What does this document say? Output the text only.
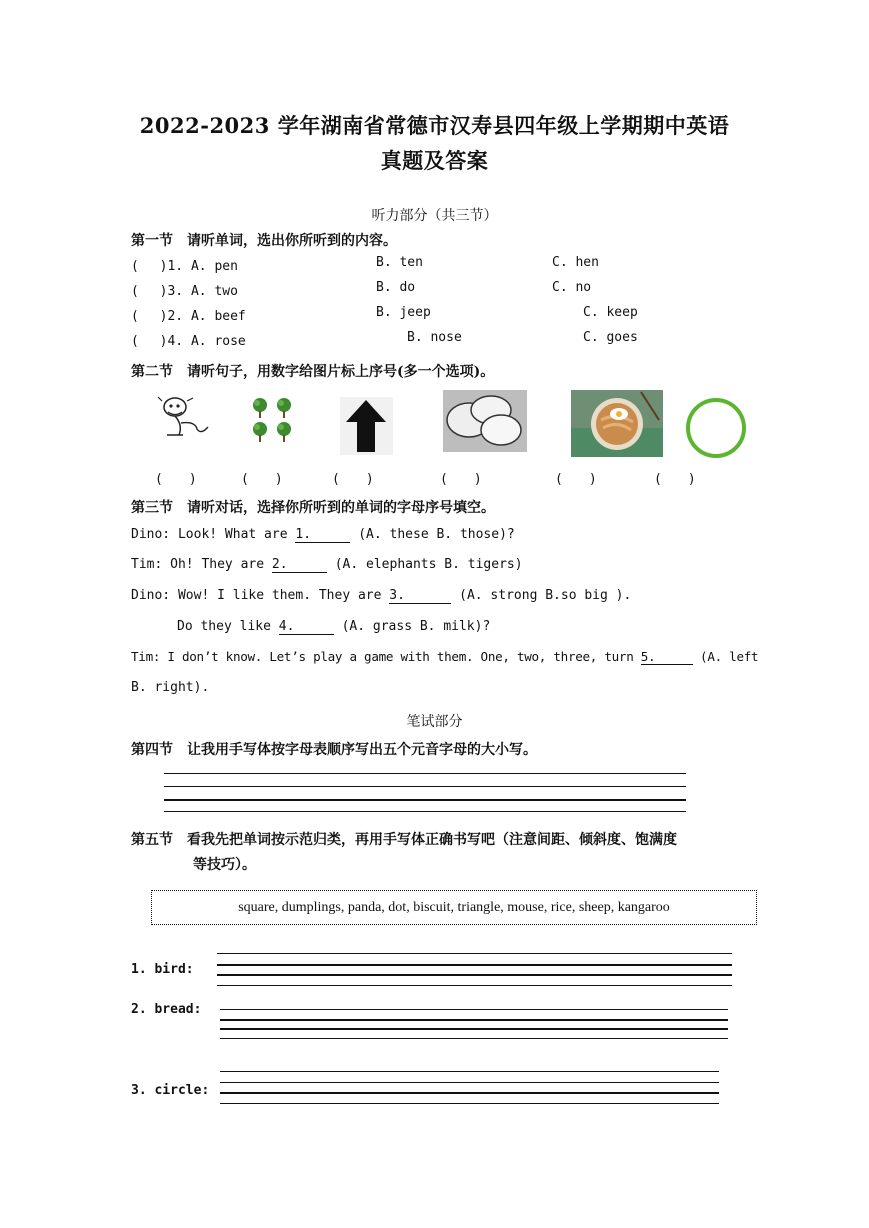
2022-2023 学年湖南省常德市汉寿县四年级上学期期中英语
真题及答案
听力部分（共三节）
第一节　请听单词，选出你所听到的内容。
(　 )1. A. pen	B. ten	C. hen
(　 )3. A. two	B. do	C. no
(　 )2. A. beef	B. jeep	C. keep
(　 )4. A. rose	B. nose	C. goes
第二节　请听句子，用数字给图片标上序号(多一个选项)。
(　　)	(　　)	(　　)	(　　)	(　　)	(　　)
第三节　请听对话，选择你所听到的单词的字母序号填空。
Dino: Look! What are 1.	(A. these B. those)?
Tim: Oh! They are 2.	(A. elephants B. tigers)
Dino: Wow! I like them. They are 3.	(A. strong B.so big ).
Do they like 4.	(A. grass B. milk)?
Tim: I don’t know. Let’s play a game with them. One, two, three, turn 5.	(A. left
B. right).
笔试部分
第四节　让我用手写体按字母表顺序写出五个元音字母的大小写。
第五节　看我先把单词按示范归类，再用手写体正确书写吧（注意间距、倾斜度、饱满度
等技巧）。
square, dumplings, panda, dot, biscuit, triangle, mouse, rice, sheep, kangaroo
1. bird:
2. bread:
3. circle:
